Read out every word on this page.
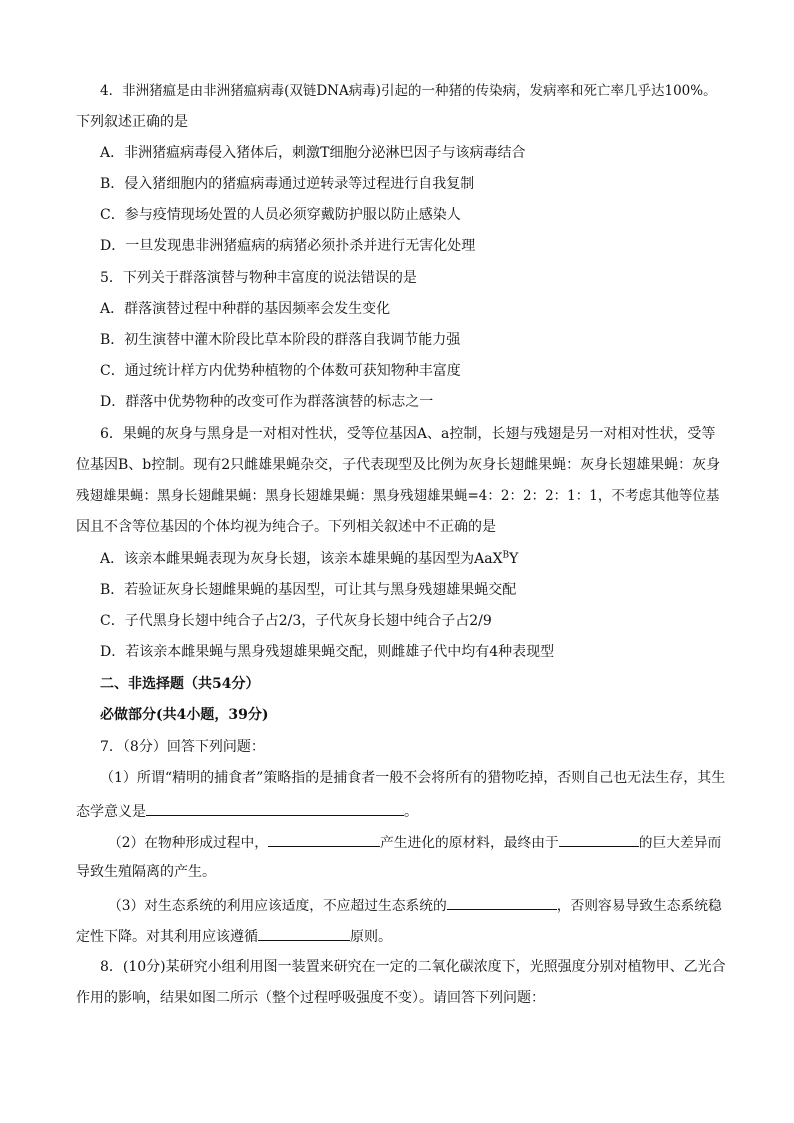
4．非洲猪瘟是由非洲猪瘟病毒(双链DNA病毒)引起的一种猪的传染病，发病率和死亡率几乎达100%。
下列叙述正确的是
A．非洲猪瘟病毒侵入猪体后，刺激T细胞分泌淋巴因子与该病毒结合
B．侵入猪细胞内的猪瘟病毒通过逆转录等过程进行自我复制
C．参与疫情现场处置的人员必须穿戴防护服以防止感染人
D．一旦发现患非洲猪瘟病的病猪必须扑杀并进行无害化处理
5．下列关于群落演替与物种丰富度的说法错误的是
A．群落演替过程中种群的基因频率会发生变化
B．初生演替中灌木阶段比草本阶段的群落自我调节能力强
C．通过统计样方内优势种植物的个体数可获知物种丰富度
D．群落中优势物种的改变可作为群落演替的标志之一
6．果蝇的灰身与黑身是一对相对性状，受等位基因A、a控制，长翅与残翅是另一对相对性状，受等
位基因B、b控制。现有2只雌雄果蝇杂交，子代表现型及比例为灰身长翅雌果蝇：灰身长翅雄果蝇：灰身
残翅雄果蝇：黑身长翅雌果蝇：黑身长翅雄果蝇：黑身残翅雄果蝇=4：2：2：2：1：1，不考虑其他等位基
因且不含等位基因的个体均视为纯合子。下列相关叙述中不正确的是
A．该亲本雌果蝇表现为灰身长翅，该亲本雄果蝇的基因型为AaX$^B$Y
B．若验证灰身长翅雌果蝇的基因型，可让其与黑身残翅雄果蝇交配
C．子代黑身长翅中纯合子占2/3，子代灰身长翅中纯合子占2/9
D．若该亲本雌果蝇与黑身残翅雄果蝇交配，则雌雄子代中均有4种表现型
二、非选择题（共54分）
必做部分(共4小题，39分)
7．（8分）回答下列问题：
（1）所谓“精明的捕食者”策略指的是捕食者一般不会将所有的猎物吃掉，否则自己也无法生存，其生
态学意义是	。
（2）在物种形成过程中，	产生进化的原材料，最终由于	的巨大差异而
导致生殖隔离的产生。
（3）对生态系统的利用应该适度，不应超过生态系统的	，否则容易导致生态系统稳
定性下降。对其利用应该遵循	原则。
8．(10分)某研究小组利用图一装置来研究在一定的二氧化碳浓度下，光照强度分别对植物甲、乙光合
作用的影响，结果如图二所示（整个过程呼吸强度不变）。请回答下列问题：
